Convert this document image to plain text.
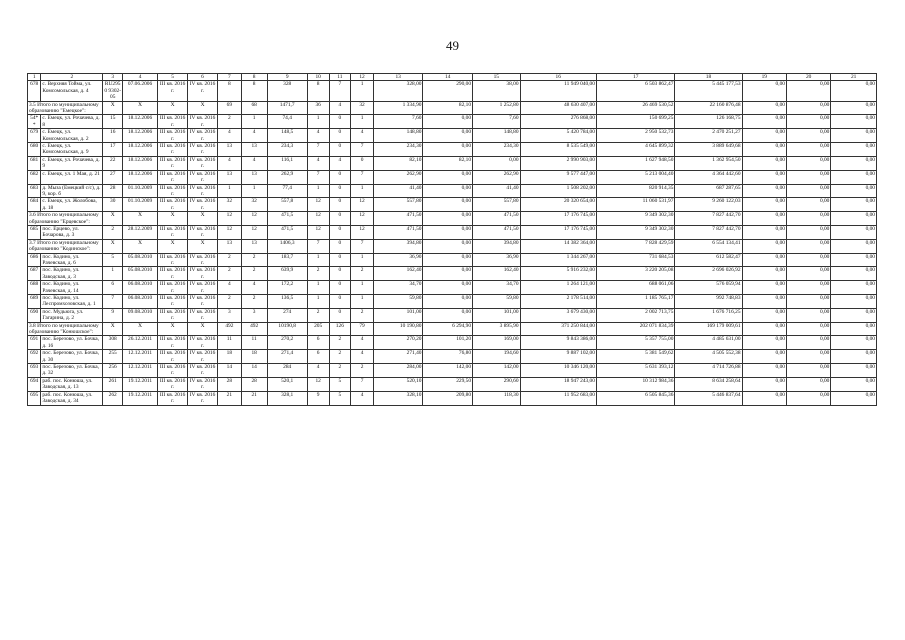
49
1	2	3	4	5	6	7	8	9	10	11	12	13	14	15	16	17	18	19	20	21
678	с. Верхняя Тойма, ул. Комсомольская, д. 4	RU2950 9302-05	07.06.2006	III кв. 2016 г.	IV кв. 2016 г.	8	8	328	8	7	1	328,00	290,00	38,00	11 949 040,00	6 503 862,47	5 445 177,53	0,00	0,00	0,00
3.5 Итого по муниципальному образованию "Емецкое":		X	X	X	X	69	68	1471,7	36	4	32	1 334,90	82,10	1 252,80	48 630 407,00	26 469 530,52	22 160 876,48	0,00	0,00	0,00
54**	с. Емецк, ул. Рочачева, д. 8	15	18.12.2006	III кв. 2016 г.	IV кв. 2016 г.	2	1	74,4	1	0	1	7,60	0,00	7,60	276 868,00	150 699,25	126 168,75	0,00	0,00	0,00
679	с. Емецк, ул. Комсомольская, д. 2	16	18.12.2006	III кв. 2016 г.	IV кв. 2016 г.	4	4	148,5	4	0	4	148,80	0,00	148,80	5 420 784,00	2 950 532,73	2 470 251,27	0,00	0,00	0,00
680	с. Емецк, ул. Комсомольская, д. 9	17	18.12.2006	III кв. 2016 г.	IV кв. 2016 г.	13	13	234,3	7	0	7	234,30	0,00	234,30	8 535 549,00	4 645 899,32	3 889 649,68	0,00	0,00	0,00
681	с. Емецк, ул. Рочачева, д. 9	22	18.12.2006	III кв. 2016 г.	IV кв. 2016 г.	4	4	116,1	4	4	0	82,10	82,10	0,00	2 990 903,00	1 627 948,50	1 362 954,50	0,00	0,00	0,00
682	с. Емецк, ул. 1 Мая, д. 21	27	18.12.2006	III кв. 2016 г.	IV кв. 2016 г.	13	13	262,9	7	0	7	262,90	0,00	262,90	9 577 447,00	5 213 004,40	4 364 442,60	0,00	0,00	0,00
683	д. Мыза (Емецкий с/с), д. 9, кор. б	28	01.10.2009	III кв. 2016 г.	IV кв. 2016 г.	1	1	77,4	1	0	1	41,40	0,00	41,40	1 508 202,00	820 914,35	687 287,65	0,00	0,00	0,00
684	с. Емецк, ул. Жолобова, д. 18	30	01.10.2009	III кв. 2016 г.	IV кв. 2016 г.	32	32	557,8	12	0	12	557,80	0,00	557,80	20 320 654,00	11 060 531,97	9 260 122,03	0,00	0,00	0,00
3.6 Итого по муниципальному образованию "Ерцевское":		X	X	X	X	12	12	471,5	12	0	12	471,50	0,00	471,50	17 176 745,00	9 349 302,30	7 827 442,70	0,00	0,00	0,00
685	пос. Ерцево, ул. Бочарова, д. 3	2	28.12.2009	III кв. 2016 г.	IV кв. 2016 г.	12	12	471,5	12	0	12	471,50	0,00	471,50	17 176 745,00	9 349 302,30	7 827 442,70	0,00	0,00	0,00
3.7 Итого по муниципальному образованию "Кодинское":		X	X	X	X	13	13	1406,3	7	0	7	394,80	0,00	394,80	14 382 364,00	7 828 429,59	6 554 134,41	0,00	0,00	0,00
686	пос. Кодино, ул. Рачевская, д. 6	5	05.08.2010	III кв. 2016 г.	IV кв. 2016 г.	2	2	183,7	1	0	1	36,90	0,00	36,90	1 344 267,00	731 684,53	612 582,47	0,00	0,00	0,00
687	пос. Кодино, ул. Заводская, д. 3	1	05.08.2010	III кв. 2016 г.	IV кв. 2016 г.	2	2	639,9	2	0	2	162,40	0,00	162,40	5 916 232,00	3 220 205,08	2 696 026,92	0,00	0,00	0,00
688	пос. Кодино, ул. Рачевская, д. 14	6	06.08.2010	III кв. 2016 г.	IV кв. 2016 г.	4	4	172,2	1	0	1	34,70	0,00	34,70	1 264 121,00	688 061,06	576 059,94	0,00	0,00	0,00
689	пос. Кодино, ул. Леспромхозовская, д. 1	7	06.08.2010	III кв. 2016 г.	IV кв. 2016 г.	2	2	136,5	1	0	1	59,80	0,00	59,80	2 178 514,00	1 185 765,17	992 748,83	0,00	0,00	0,00
690	пос. Мудьюга, ул. Гагарина, д. 2	9	09.08.2010	III кв. 2016 г.	IV кв. 2016 г.	3	3	274	2	0	2	101,00	0,00	101,00	3 679 430,00	2 002 713,75	1 676 716,25	0,00	0,00	0,00
3.8 Итого по муниципальному образованию "Конюшское":		X	X	X	X	492	492	10190,8	205	126	79	10 190,80	6 294,90	3 895,90	371 250 844,00	202 071 834,39	169 179 009,61	0,00	0,00	0,00
691	пос. Березово, ул. Бочка, д. 16	308	26.12.2011	III кв. 2016 г.	IV кв. 2016 г.	11	11	270,2	6	2	4	270,20	101,20	169,00	9 843 386,00	5 357 755,00	4 485 631,00	0,00	0,00	0,00
692	пос. Березово, ул. Бочка, д. 30	255	12.12.2011	III кв. 2016 г.	IV кв. 2016 г.	18	18	271,4	6	2	4	271,40	76,80	194,60	9 887 102,00	5 381 549,62	4 505 552,38	0,00	0,00	0,00
693	пос. Березово, ул. Бочка, д. 32	256	12.12.2011	III кв. 2016 г.	IV кв. 2016 г.	14	14	284	4	2	2	284,00	142,00	142,00	10 346 120,00	5 631 393,12	4 714 726,88	0,00	0,00	0,00
694	раб. пос. Конюша, ул. Заводская, д. 13	261	19.12.2011	III кв. 2016 г.	IV кв. 2016 г.	28	28	520,1	12	5	7	520,10	229,50	290,60	18 947 243,00	10 312 984,36	8 634 258,64	0,00	0,00	0,00
695	раб. пос. Конюша, ул. Заводская, д. 34	262	19.12.2011	III кв. 2016 г.	IV кв. 2016 г.	21	21	328,1	9	5	4	328,10	209,80	118,30	11 952 683,00	6 505 845,36	5 446 837,64	0,00	0,00	0,00
